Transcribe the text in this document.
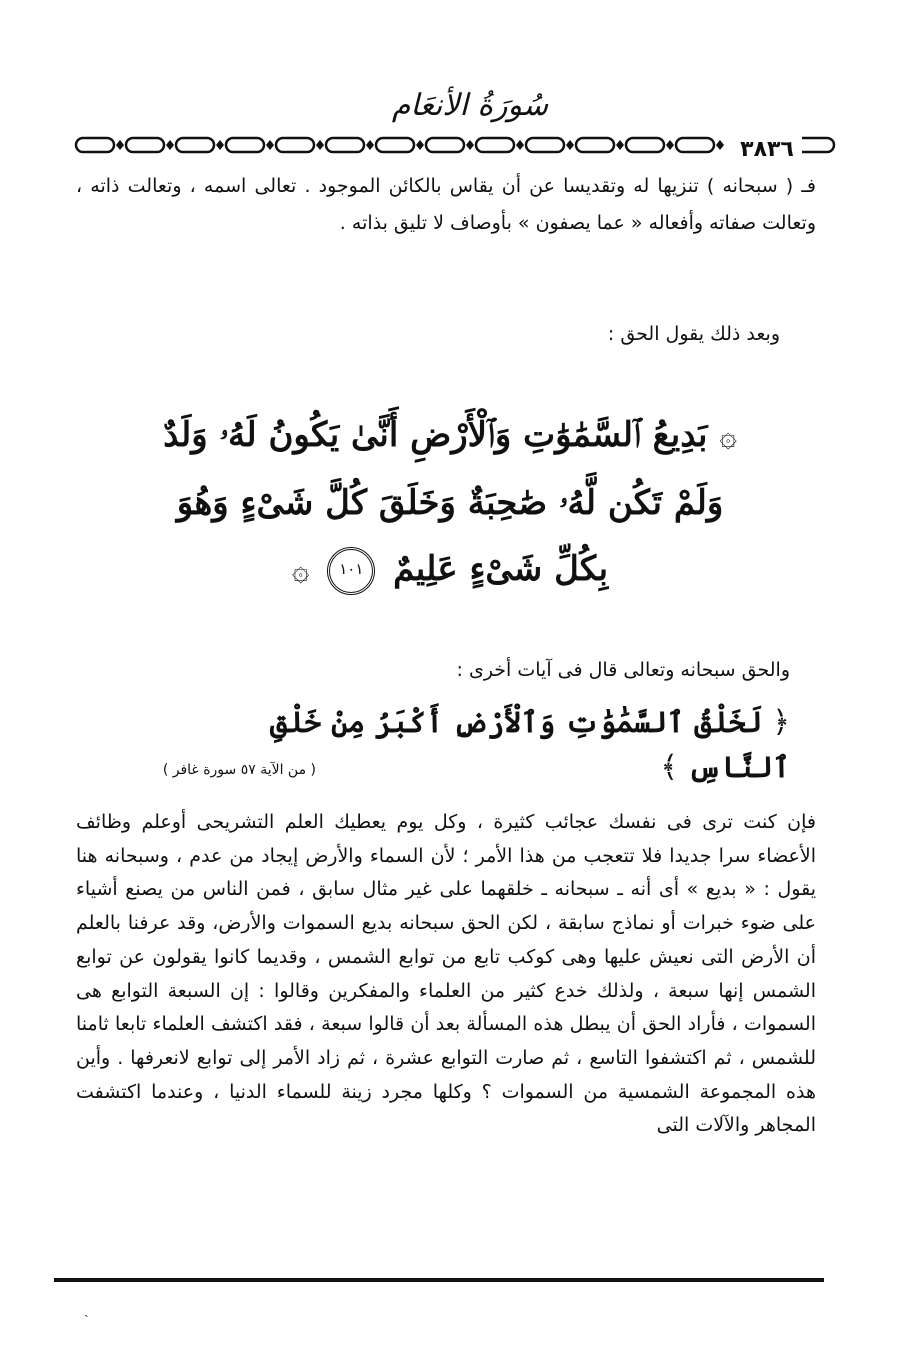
سُورَةُ الأنعَام
٣٨٣٦
فـ ( سبحانه ) تنزيها له وتقديسا عن أن يقاس بالكائن الموجود . تعالى اسمه ، وتعالت ذاته ، وتعالت صفاته وأفعاله « عما يصفون » بأوصاف لا تليق بذاته .
وبعد ذلك يقول الحق :
۞ بَدِيعُ ٱلسَّمَٰوَٰتِ وَٱلْأَرْضِ أَنَّىٰ يَكُونُ لَهُۥ وَلَدٌ وَلَمْ تَكُن لَّهُۥ صَٰحِبَةٌ وَخَلَقَ كُلَّ شَىْءٍ وَهُوَ بِكُلِّ شَىْءٍ عَلِيمٌ ١٠١ ۞
والحق سبحانه وتعالى قال فى آيات أخرى :
﴿ لَخَلْقُ ٱلسَّمَٰوَٰتِ وَٱلْأَرْضِ أَكْبَرُ مِنْ خَلْقِ ٱلنَّاسِ ﴾
( من الآية ٥٧ سورة غافر )
فإن كنت ترى فى نفسك عجائب كثيرة ، وكل يوم يعطيك العلم التشريحى أوعلم وظائف الأعضاء سرا جديدا فلا تتعجب من هذا الأمر ؛ لأن السماء والأرض إيجاد من عدم ، وسبحانه هنا يقول : « بديع » أى أنه ـ سبحانه ـ خلقهما على غير مثال سابق ، فمن الناس من يصنع أشياء على ضوء خبرات أو نماذج سابقة ، لكن الحق سبحانه بديع السموات والأرض، وقد عرفنا بالعلم أن الأرض التى نعيش عليها وهى كوكب تابع من توابع الشمس ، وقديما كانوا يقولون عن توابع الشمس إنها سبعة ، ولذلك خدع كثير من العلماء والمفكرين وقالوا : إن السبعة التوابع هى السموات ، فأراد الحق أن يبطل هذه المسألة بعد أن قالوا سبعة ، فقد اكتشف العلماء تابعا ثامنا للشمس ، ثم اكتشفوا التاسع ، ثم صارت التوابع عشرة ، ثم زاد الأمر إلى توابع لانعرفها . وأين هذه المجموعة الشمسية من السموات ؟ وكلها مجرد زينة للسماء الدنيا ، وعندما اكتشفت المجاهر والآلات التى
ˎ
